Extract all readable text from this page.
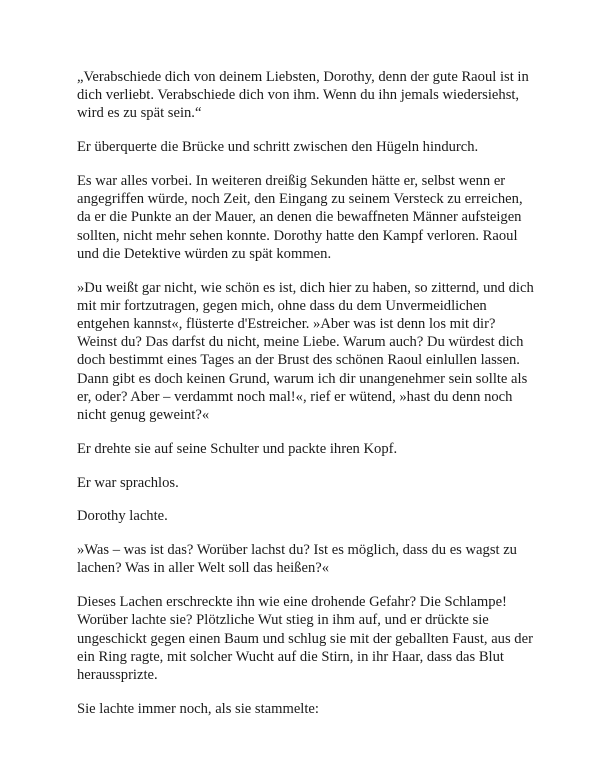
„Verabschiede dich von deinem Liebsten, Dorothy, denn der gute Raoul ist in dich verliebt. Verabschiede dich von ihm. Wenn du ihn jemals wiedersiehst, wird es zu spät sein.“

Er überquerte die Brücke und schritt zwischen den Hügeln hindurch.

Es war alles vorbei. In weiteren dreißig Sekunden hätte er, selbst wenn er angegriffen würde, noch Zeit, den Eingang zu seinem Versteck zu erreichen, da er die Punkte an der Mauer, an denen die bewaffneten Männer aufsteigen sollten, nicht mehr sehen konnte. Dorothy hatte den Kampf verloren. Raoul und die Detektive würden zu spät kommen.

»Du weißt gar nicht, wie schön es ist, dich hier zu haben, so zitternd, und dich mit mir fortzutragen, gegen mich, ohne dass du dem Unvermeidlichen entgehen kannst«, flüsterte d'Estreicher. »Aber was ist denn los mit dir? Weinst du? Das darfst du nicht, meine Liebe. Warum auch? Du würdest dich doch bestimmt eines Tages an der Brust des schönen Raoul einlullen lassen. Dann gibt es doch keinen Grund, warum ich dir unangenehmer sein sollte als er, oder? Aber – verdammt noch mal!«, rief er wütend, »hast du denn noch nicht genug geweint?«

Er drehte sie auf seine Schulter und packte ihren Kopf.

Er war sprachlos.

Dorothy lachte.

»Was – was ist das? Worüber lachst du? Ist es möglich, dass du es wagst zu lachen? Was in aller Welt soll das heißen?«

Dieses Lachen erschreckte ihn wie eine drohende Gefahr? Die Schlampe! Worüber lachte sie? Plötzliche Wut stieg in ihm auf, und er drückte sie ungeschickt gegen einen Baum und schlug sie mit der geballten Faust, aus der ein Ring ragte, mit solcher Wucht auf die Stirn, in ihr Haar, dass das Blut heraussprizte.

Sie lachte immer noch, als sie stammelte:
